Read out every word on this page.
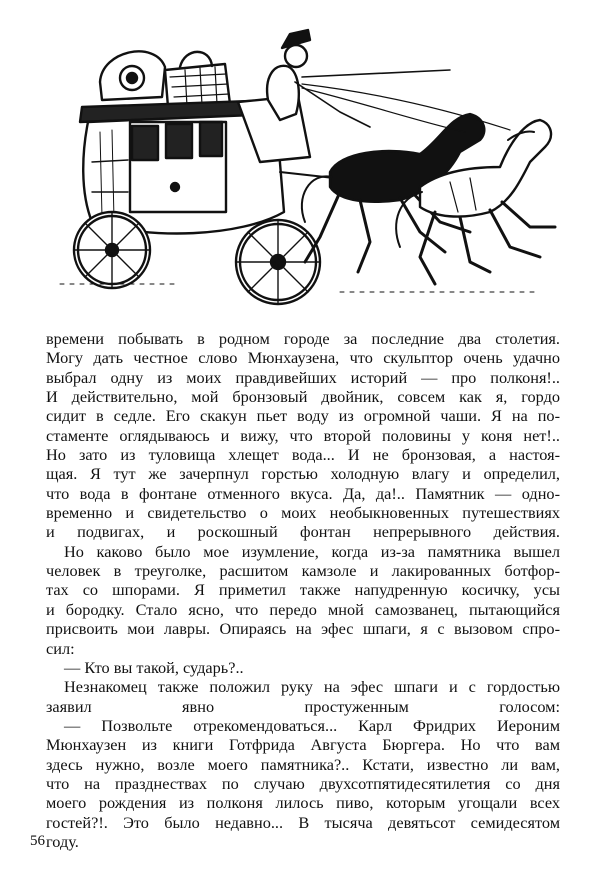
времени побывать в родном городе за последние два столетия.
Могу дать честное слово Мюнхаузена, что скульптор очень удачно
выбрал одну из моих правдивейших историй — про полконя!..
И действительно, мой бронзовый двойник, совсем как я, гордо
сидит в седле. Его скакун пьет воду из огромной чаши. Я на по-
стаменте оглядываюсь и вижу, что второй половины у коня нет!..
Но зато из туловища хлещет вода... И не бронзовая, а настоя-
щая. Я тут же зачерпнул горстью холодную влагу и определил,
что вода в фонтане отменного вкуса. Да, да!.. Памятник — одно-
временно и свидетельство о моих необыкновенных путешествиях
и подвигах, и роскошный фонтан непрерывного действия.

Но каково было мое изумление, когда из-за памятника вышел
человек в треуголке, расшитом камзоле и лакированных ботфор-
тах со шпорами. Я приметил также напудренную косичку, усы
и бородку. Стало ясно, что передо мной самозванец, пытающийся
присвоить мои лавры. Опираясь на эфес шпаги, я с вызовом спро-
сил:

— Кто вы такой, сударь?..

Незнакомец также положил руку на эфес шпаги и с гордостью
заявил явно простуженным голосом:

— Позвольте отрекомендоваться... Карл Фридрих Иероним
Мюнхаузен из книги Готфрида Августа Бюргера. Но что вам
здесь нужно, возле моего памятника?.. Кстати, известно ли вам,
что на празднествах по случаю двухсотпятидесятилетия со дня
моего рождения из полконя лилось пиво, которым угощали всех
гостей?!. Это было недавно... В тысяча девятьсот семидесятом
году.

56
